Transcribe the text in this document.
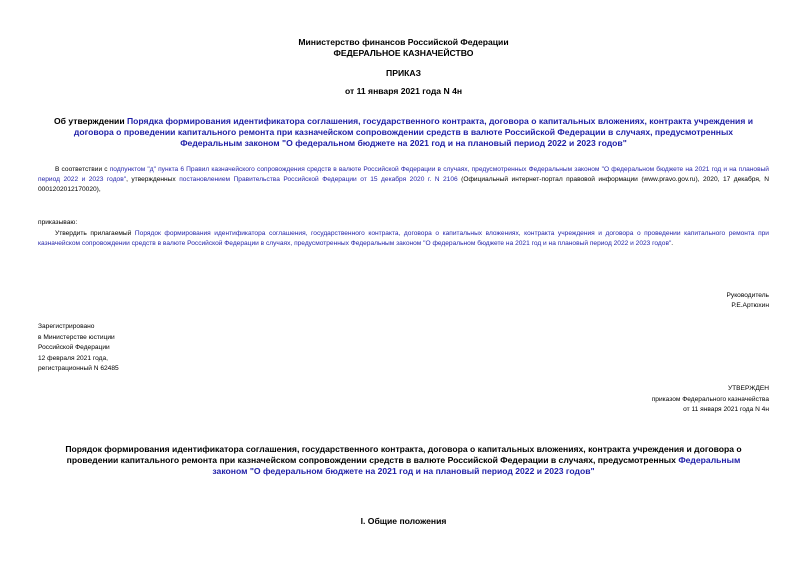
Министерство финансов Российской Федерации
ФЕДЕРАЛЬНОЕ КАЗНАЧЕЙСТВО
ПРИКАЗ
от 11 января 2021 года N 4н
Об утверждении Порядка формирования идентификатора соглашения, государственного контракта, договора о капитальных вложениях, контракта учреждения и договора о проведении капитального ремонта при казначейском сопровождении средств в валюте Российской Федерации в случаях, предусмотренных Федеральным законом "О федеральном бюджете на 2021 год и на плановый период 2022 и 2023 годов"
В соответствии с подпунктом "д" пункта 6 Правил казначейского сопровождения средств в валюте Российской Федерации в случаях, предусмотренных Федеральным законом "О федеральном бюджете на 2021 год и на плановый период 2022 и 2023 годов", утвержденных постановлением Правительства Российской Федерации от 15 декабря 2020 г. N 2106 (Официальный интернет-портал правовой информации (www.pravo.gov.ru), 2020, 17 декабря, N 0001202012170020),
приказываю:
Утвердить прилагаемый Порядок формирования идентификатора соглашения, государственного контракта, договора о капитальных вложениях, контракта учреждения и договора о проведении капитального ремонта при казначейском сопровождении средств в валюте Российской Федерации в случаях, предусмотренных Федеральным законом "О федеральном бюджете на 2021 год и на плановый период 2022 и 2023 годов".
Руководитель
Р.Е.Артюхин
Зарегистрировано
в Министерстве юстиции
Российской Федерации
12 февраля 2021 года,
регистрационный N 62485
УТВЕРЖДЕН
приказом Федерального казначейства
от 11 января 2021 года N 4н
Порядок формирования идентификатора соглашения, государственного контракта, договора о капитальных вложениях, контракта учреждения и договора о проведении капитального ремонта при казначейском сопровождении средств в валюте Российской Федерации в случаях, предусмотренных Федеральным законом "О федеральном бюджете на 2021 год и на плановый период 2022 и 2023 годов"
I. Общие положения
